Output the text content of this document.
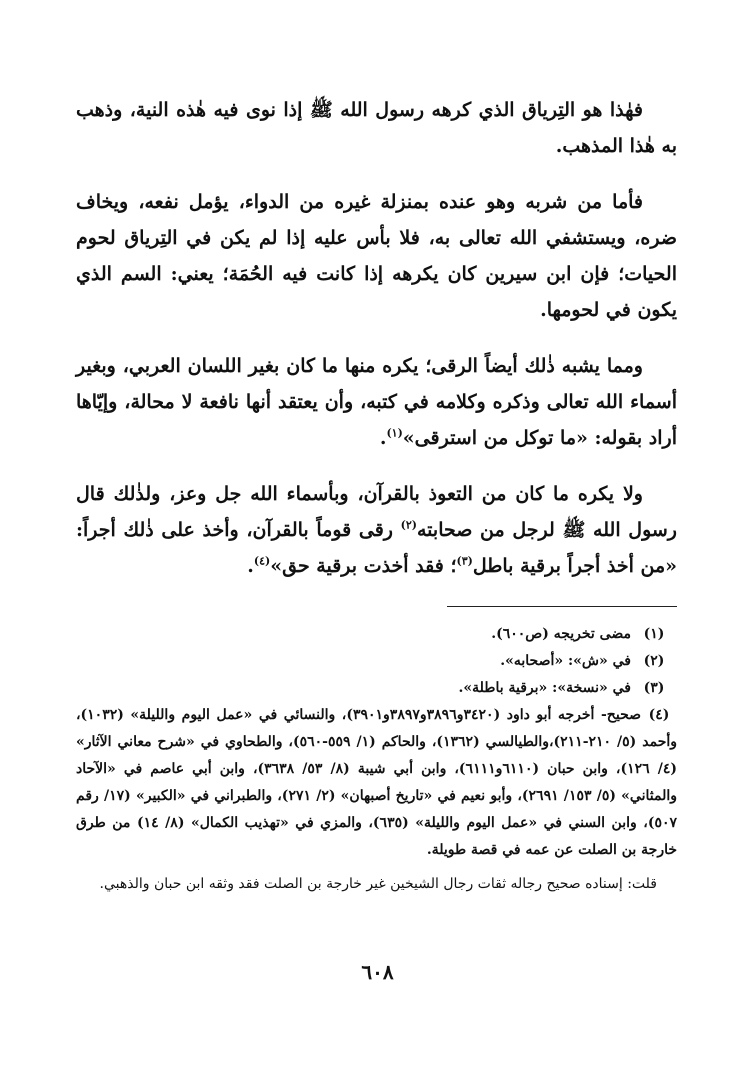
فهٰذا هو التِرياق الذي كرهه رسول الله ﷺ إذا نوى فيه هٰذه النية، وذهب به هٰذا المذهب.

فأما من شربه وهو عنده بمنزلة غيره من الدواء، يؤمل نفعه، ويخاف ضره، ويستشفي الله تعالى به، فلا بأس عليه إذا لم يكن في التِرياق لحوم الحيات؛ فإن ابن سيرين كان يكرهه إذا كانت فيه الحُمَة؛ يعني: السم الذي يكون في لحومها.

ومما يشبه ذٰلك أيضاً الرقى؛ يكره منها ما كان بغير اللسان العربي، وبغير أسماء الله تعالى وذكره وكلامه في كتبه، وأن يعتقد أنها نافعة لا محالة، وإيّاها أراد بقوله: «ما توكل من استرقى»$^{(١)}$.

ولا يكره ما كان من التعوذ بالقرآن، وبأسماء الله جل وعز، ولذٰلك قال رسول الله ﷺ لرجل من صحابته$^{(٢)}$ رقى قوماً بالقرآن، وأخذ على ذٰلك أجراً: «من أخذ أجراً برقية باطل$^{(٣)}$؛ فقد أخذت برقية حق»$^{(٤)}$.

(١)
مضى تخريجه (ص٦٠٠).
(٢)
في «ش»: «أصحابه».
(٣)
في «نسخة»: «برقية باطلة».
(٤)صحيح- أخرجه أبو داود (٣٤٢٠و٣٨٩٦و٣٨٩٧و٣٩٠١)، والنسائي في «عمل اليوم والليلة» (١٠٣٢)، وأحمد (٥/ ٢١٠-٢١١)،والطيالسي (١٣٦٢)، والحاكم (١/ ٥٥٩-٥٦٠)، والطحاوي في «شرح معاني الآثار» (٤/ ١٢٦)، وابن حبان (٦١١٠و٦١١١)، وابن أبي شيبة (٨/ ٥٣/ ٣٦٣٨)، وابن أبي عاصم في «الآحاد والمثاني» (٥/ ١٥٣/ ٢٦٩١)، وأبو نعيم في «تاريخ أصبهان» (٢/ ٢٧١)، والطبراني في «الكبير» (١٧/ رقم ٥٠٧)، وابن السني في «عمل اليوم والليلة» (٦٣٥)، والمزي في «تهذيب الكمال» (٨/ ١٤) من طرق خارجة بن الصلت عن عمه في قصة طويلة.

قلت: إسناده صحيح رجاله ثقات رجال الشيخين غير خارجة بن الصلت فقد وثقه ابن حبان والذهبي.

٦٠٨
